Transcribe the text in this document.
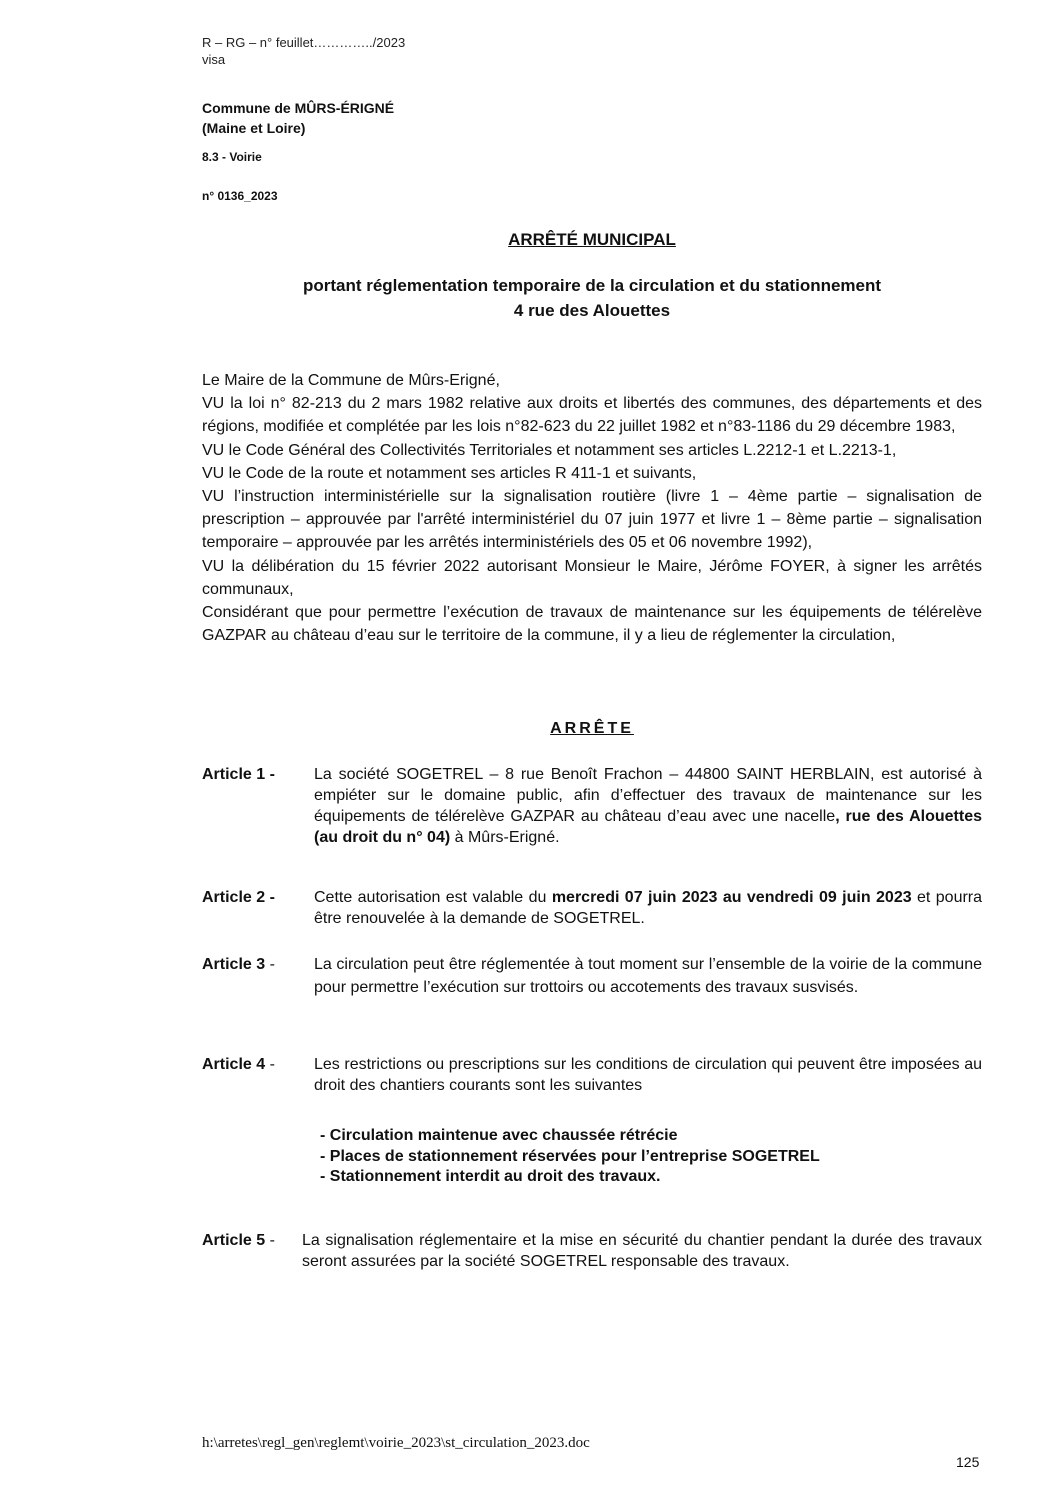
R – RG – n° feuillet…………../2023
visa
Commune de MÛRS-ÉRIGNÉ
(Maine et Loire)
8.3 - Voirie
n° 0136_2023
ARRÊTÉ MUNICIPAL
portant réglementation temporaire de la circulation et du stationnement
4 rue des Alouettes

Le Maire de la Commune de Mûrs-Erigné,

VU la loi n° 82-213 du 2 mars 1982 relative aux droits et libertés des communes, des départements et des régions, modifiée et complétée par les lois n°82-623 du 22 juillet 1982 et n°83-1186 du 29 décembre 1983,

VU le Code Général des Collectivités Territoriales et notamment ses articles L.2212-1 et L.2213-1,

VU le Code de la route et notamment ses articles R 411-1 et suivants,

VU l’instruction interministérielle sur la signalisation routière (livre 1 – 4ème partie – signalisation de prescription – approuvée par l'arrêté interministériel du 07 juin 1977 et livre 1 – 8ème partie – signalisation temporaire – approuvée par les arrêtés interministériels des 05 et 06 novembre 1992),

VU la délibération du 15 février 2022 autorisant Monsieur le Maire, Jérôme FOYER, à signer les arrêtés communaux,

Considérant que pour permettre l’exécution de travaux de maintenance sur les équipements de télérelève GAZPAR au château d’eau sur le territoire de la commune, il y a lieu de réglementer la circulation,

ARRÊTE
Article 1 - La société SOGETREL – 8 rue Benoît Frachon – 44800 SAINT HERBLAIN, est autorisé à empiéter sur le domaine public, afin d’effectuer des travaux de maintenance sur les équipements de télérelève GAZPAR au château d’eau avec une nacelle, rue des Alouettes (au droit du n° 04) à Mûrs-Erigné.
Article 2 - Cette autorisation est valable du mercredi 07 juin 2023 au vendredi 09 juin 2023 et pourra être renouvelée à la demande de SOGETREL.
Article 3 - La circulation peut être réglementée à tout moment sur l’ensemble de la voirie de la commune pour permettre l’exécution sur trottoirs ou accotements des travaux susvisés.
Article 4 - Les restrictions ou prescriptions sur les conditions de circulation qui peuvent être imposées au droit des chantiers courants sont les suivantes
- Circulation maintenue avec chaussée rétrécie
- Places de stationnement réservées pour l’entreprise SOGETREL
- Stationnement interdit au droit des travaux.
Article 5 - La signalisation réglementaire et la mise en sécurité du chantier pendant la durée des travaux seront assurées par la société SOGETREL responsable des travaux.
h:\arretes\regl_gen\reglemt\voirie_2023\st_circulation_2023.doc
125
